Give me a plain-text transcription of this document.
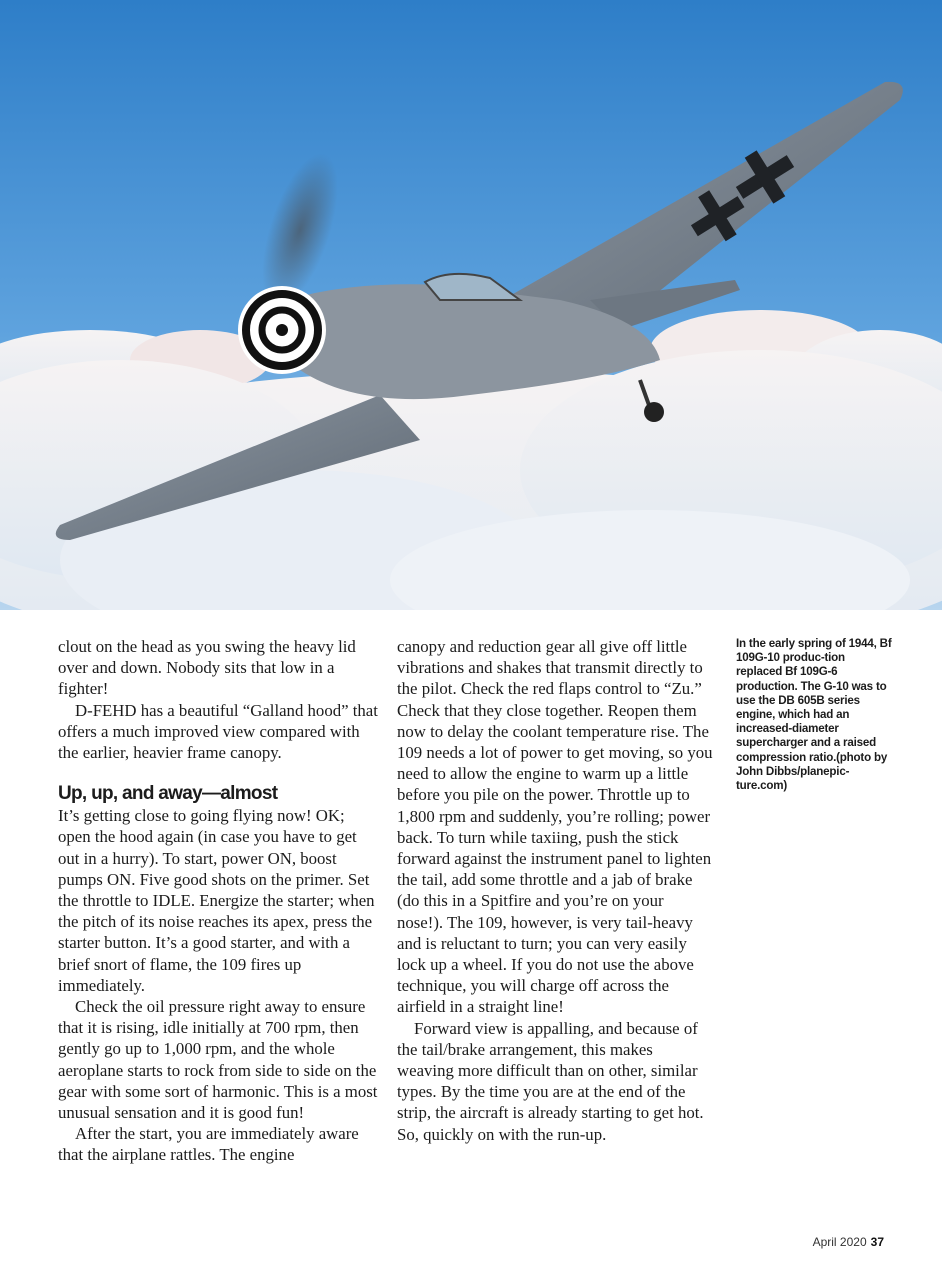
clout on the head as you swing the heavy lid over and down. Nobody sits that low in a fighter!

D-FEHD has a beautiful “Galland hood” that offers a much improved view compared with the earlier, heavier frame canopy.

Up, up, and away—almost

It’s getting close to going flying now! OK; open the hood again (in case you have to get out in a hurry). To start, power ON, boost pumps ON. Five good shots on the primer. Set the throttle to IDLE. Energize the starter; when the pitch of its noise reaches its apex, press the starter button. It’s a good starter, and with a brief snort of flame, the 109 fires up immediately.

Check the oil pressure right away to ensure that it is rising, idle initially at 700 rpm, then gently go up to 1,000 rpm, and the whole aeroplane starts to rock from side to side on the gear with some sort of harmonic. This is a most unusual sensation and it is good fun!

After the start, you are immediately aware that the airplane rattles. The engine

canopy and reduction gear all give off little vibrations and shakes that transmit directly to the pilot. Check the red flaps control to “Zu.” Check that they close together. Reopen them now to delay the coolant temperature rise. The 109 needs a lot of power to get moving, so you need to allow the engine to warm up a little before you pile on the power. Throttle up to 1,800 rpm and suddenly, you’re rolling; power back. To turn while taxiing, push the stick forward against the instrument panel to lighten the tail, add some throttle and a jab of brake (do this in a Spitfire and you’re on your nose!). The 109, however, is very tail-heavy and is reluctant to turn; you can very easily lock up a wheel. If you do not use the above technique, you will charge off across the airfield in a straight line!

Forward view is appalling, and because of the tail/brake arrangement, this makes weaving more difficult than on other, similar types. By the time you are at the end of the strip, the aircraft is already starting to get hot. So, quickly on with the run-up.

In the early spring of 1944, Bf 109G-10 produc-tion replaced Bf 109G-6 production. The G-10 was to use the DB 605B series engine, which had an increased-diameter supercharger and a raised compression ratio.(photo by John Dibbs/planepic-ture.com)
April 2020 37
